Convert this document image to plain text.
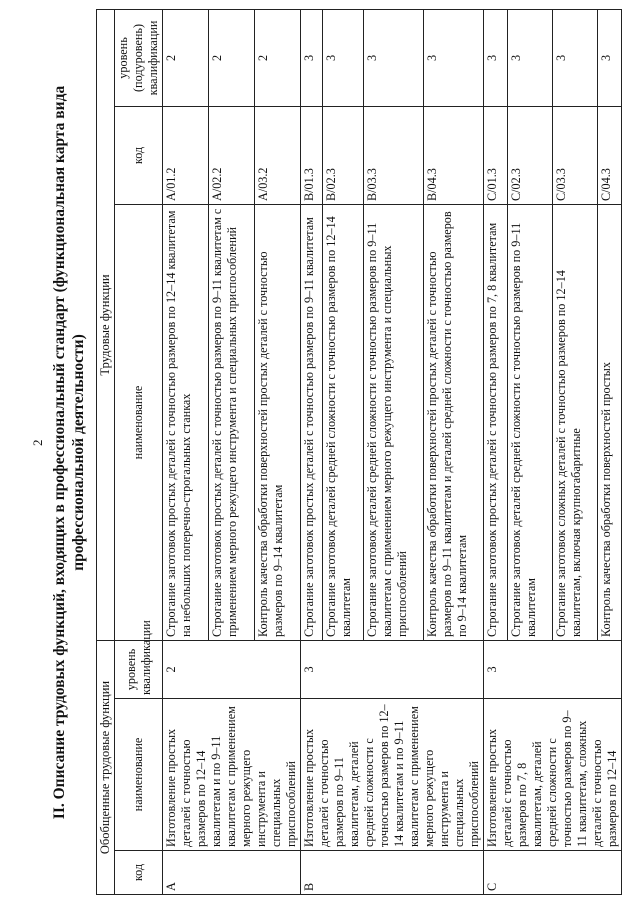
2 II. Описание трудовых функций, входящих в профессиональный стандарт (функциональная карта вида профессиональной деятельности)
Обобщенные трудовые функции			Трудовые функции		
код	наименование	уровень квалификации	наименование	код	уровень (подуровень) квалификации
A	Изготовление простых деталей с точностью размеров по 12–14 квалитетам и по 9–11 квалитетам с применением мерного режущего инструмента и специальных приспособлений	2	Строгание заготовок простых деталей с точностью размеров по 12–14 квалитетам на небольших поперечно-строгальных станках	A/01.2	2
			Строгание заготовок простых деталей с точностью размеров по 9–11 квалитетам с применением мерного режущего инструмента и специальных приспособлений	A/02.2	2
			Контроль качества обработки поверхностей простых деталей с точностью размеров по 9–14 квалитетам	A/03.2	2
B	Изготовление простых деталей с точностью размеров по 9–11 квалитетам, деталей средней сложности с точностью размеров по 12–14 квалитетам и по 9–11 квалитетам с применением мерного режущего инструмента и специальных приспособлений	3	Строгание заготовок простых деталей с точностью размеров по 9–11 квалитетам	B/01.3	3
			Строгание заготовок деталей средней сложности с точностью размеров по 12–14 квалитетам	B/02.3	3
			Строгание заготовок деталей средней сложности с точностью размеров по 9–11 квалитетам с применением мерного режущего инструмента и специальных приспособлений	B/03.3	3
			Контроль качества обработки поверхностей простых деталей с точностью размеров по 9–11 квалитетам и деталей средней сложности с точностью размеров по 9–14 квалитетам	B/04.3	3
C	Изготовление простых деталей с точностью размеров по 7, 8 квалитетам, деталей средней сложности с точностью размеров по 9–11 квалитетам, сложных деталей с точностью размеров по 12–14	3	Строгание заготовок простых деталей с точностью размеров по 7, 8 квалитетам	C/01.3	3
			Строгание заготовок деталей средней сложности с точностью размеров по 9–11 квалитетам	C/02.3	3
			Строгание заготовок сложных деталей с точностью размеров по 12–14 квалитетам, включая крупногабаритные	C/03.3	3
			Контроль качества обработки поверхностей простых	C/04.3	3
